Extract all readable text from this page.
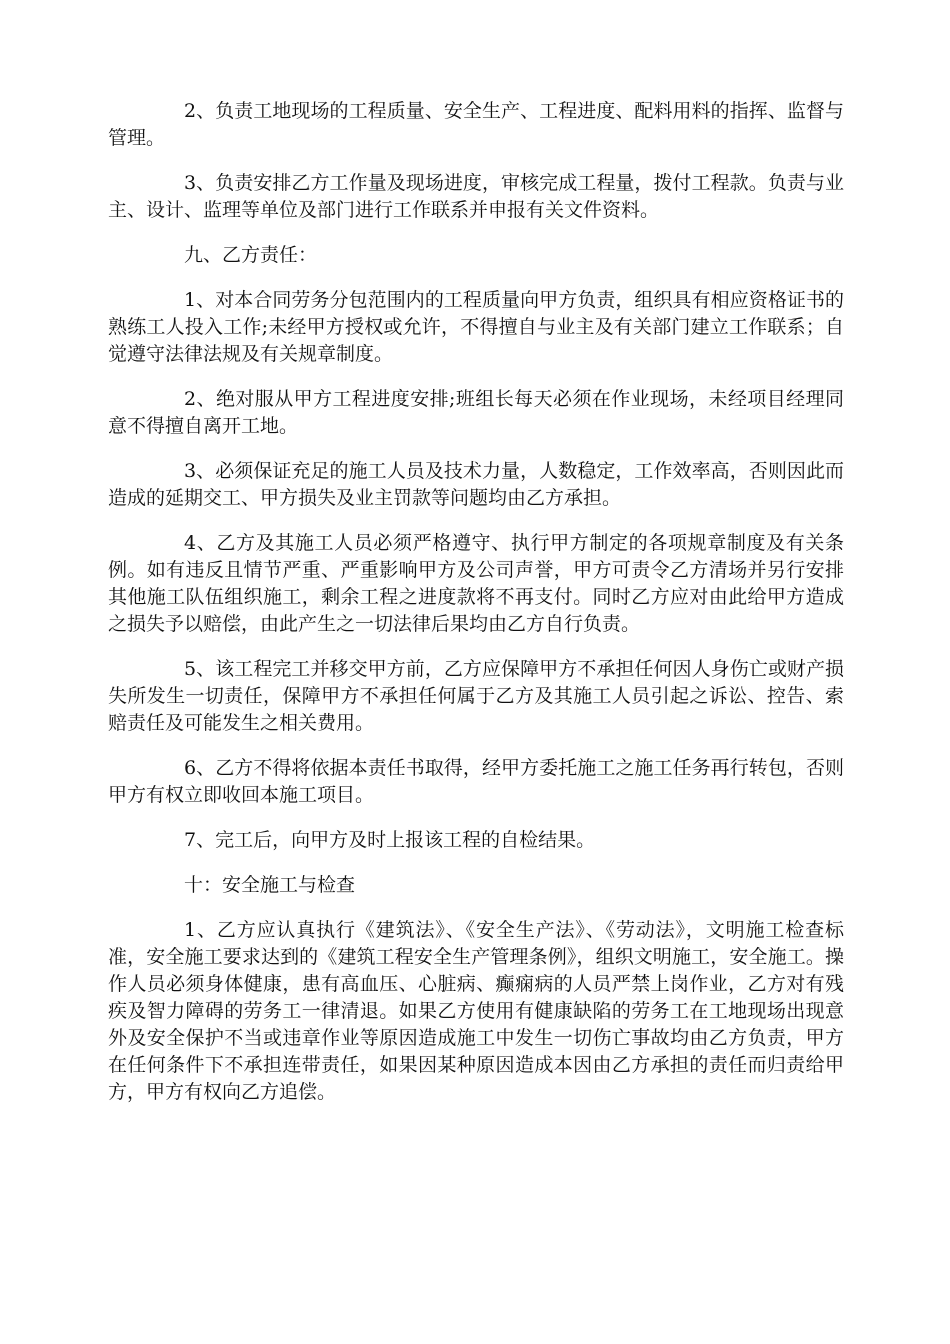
2、负责工地现场的工程质量、安全生产、工程进度、配料用料的指挥、监督与管理。

3、负责安排乙方工作量及现场进度，审核完成工程量，拨付工程款。负责与业主、设计、监理等单位及部门进行工作联系并申报有关文件资料。

九、乙方责任：

1、对本合同劳务分包范围内的工程质量向甲方负责，组织具有相应资格证书的熟练工人投入工作;未经甲方授权或允许，不得擅自与业主及有关部门建立工作联系；自觉遵守法律法规及有关规章制度。

2、绝对服从甲方工程进度安排;班组长每天必须在作业现场，未经项目经理同意不得擅自离开工地。

3、必须保证充足的施工人员及技术力量，人数稳定，工作效率高，否则因此而造成的延期交工、甲方损失及业主罚款等问题均由乙方承担。

4、乙方及其施工人员必须严格遵守、执行甲方制定的各项规章制度及有关条例。如有违反且情节严重、严重影响甲方及公司声誉，甲方可责令乙方清场并另行安排其他施工队伍组织施工，剩余工程之进度款将不再支付。同时乙方应对由此给甲方造成之损失予以赔偿，由此产生之一切法律后果均由乙方自行负责。

5、该工程完工并移交甲方前，乙方应保障甲方不承担任何因人身伤亡或财产损失所发生一切责任，保障甲方不承担任何属于乙方及其施工人员引起之诉讼、控告、索赔责任及可能发生之相关费用。

6、乙方不得将依据本责任书取得，经甲方委托施工之施工任务再行转包，否则甲方有权立即收回本施工项目。

7、完工后，向甲方及时上报该工程的自检结果。

十：安全施工与检查

1、乙方应认真执行《建筑法》、《安全生产法》、《劳动法》，文明施工检查标准，安全施工要求达到的《建筑工程安全生产管理条例》，组织文明施工，安全施工。操作人员必须身体健康，患有高血压、心脏病、癫痫病的人员严禁上岗作业，乙方对有残疾及智力障碍的劳务工一律清退。如果乙方使用有健康缺陷的劳务工在工地现场出现意外及安全保护不当或违章作业等原因造成施工中发生一切伤亡事故均由乙方负责，甲方在任何条件下不承担连带责任，如果因某种原因造成本因由乙方承担的责任而归责给甲方，甲方有权向乙方追偿。
